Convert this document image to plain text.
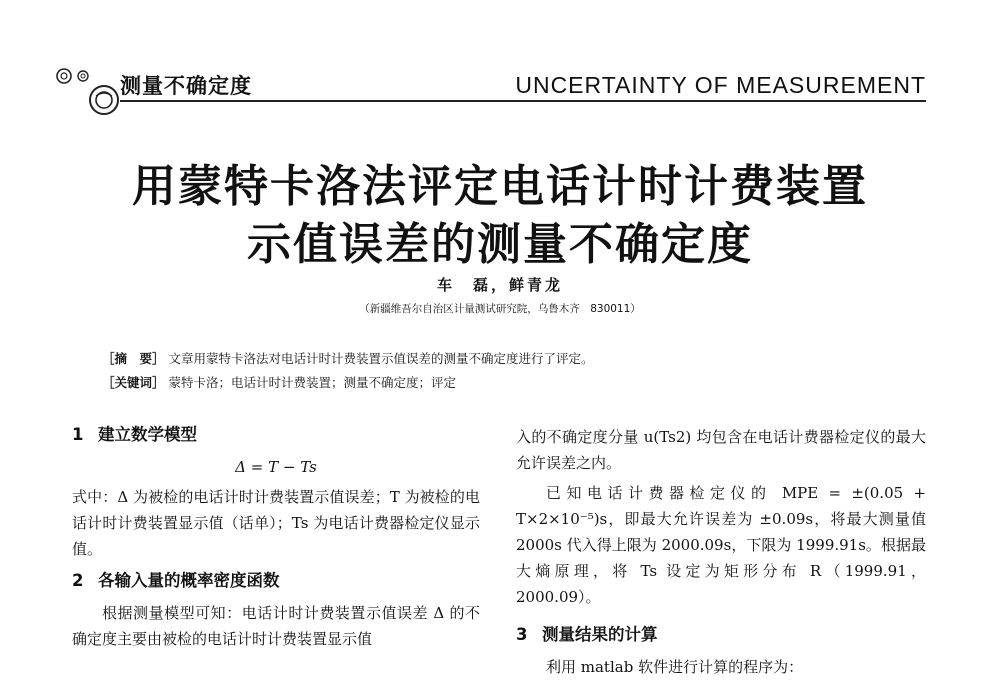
测量不确定度	UNCERTAINTY OF MEASUREMENT
用蒙特卡洛法评定电话计时计费装置
示值误差的测量不确定度
车　磊，鲜青龙
（新疆维吾尔自治区计量测试研究院，乌鲁木齐　830011）
［摘　要］ 文章用蒙特卡洛法对电话计时计费装置示值误差的测量不确定度进行了评定。
［关键词］ 蒙特卡洛；电话计时计费装置；测量不确定度；评定
1 建立数学模型
Δ = T − Ts
式中：Δ 为被检的电话计时计费装置示值误差；T 为被检的电话计时计费装置显示值（话单）；Ts 为电话计费器检定仪显示值。
2 各输入量的概率密度函数
根据测量模型可知：电话计时计费装置示值误差 Δ 的不确定度主要由被检的电话计时计费装置显示值
入的不确定度分量 u(Ts2) 均包含在电话计费器检定仪的最大允许误差之内。
已知电话计费器检定仪的 MPE = ±(0.05 + T×2×10⁻⁵)s，即最大允许误差为 ±0.09s，将最大测量值 2000s 代入得上限为 2000.09s，下限为 1999.91s。根据最大熵原理，将 Ts 设定为矩形分布 R（1999.91，2000.09）。
3 测量结果的计算
利用 matlab 软件进行计算的程序为：
